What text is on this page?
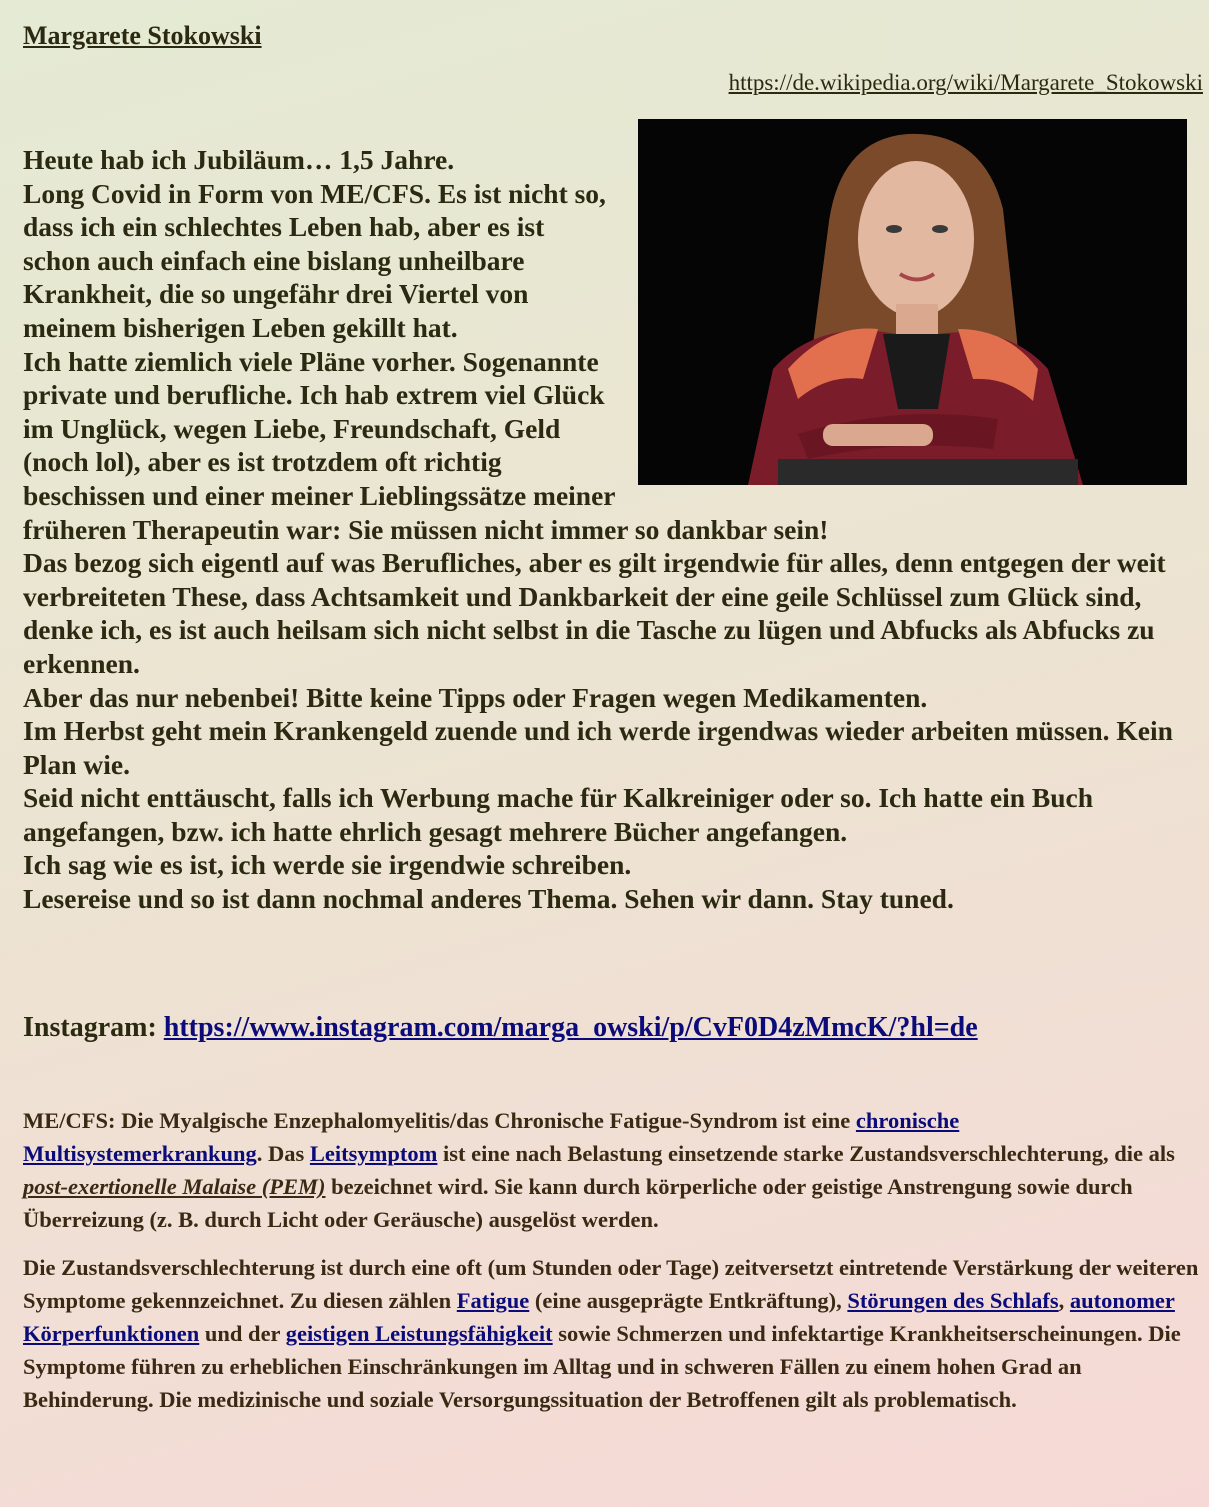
Margarete Stokowski
https://de.wikipedia.org/wiki/Margarete_Stokowski

Heute hab ich Jubiläum… 1,5 Jahre.

Long Covid in Form von ME/CFS. Es ist nicht so, dass ich ein schlechtes Leben hab, aber es ist schon auch einfach eine bislang unheilbare Krankheit, die so ungefähr drei Viertel von meinem bisherigen Leben gekillt hat.

Ich hatte ziemlich viele Pläne vorher. Sogenannte private und berufliche. Ich hab extrem viel Glück im Unglück, wegen Liebe, Freundschaft, Geld (noch lol), aber es ist trotzdem oft richtig beschissen und einer meiner Lieblingssätze meiner früheren Therapeutin war: Sie müssen nicht immer so dankbar sein!

Das bezog sich eigentl auf was Berufliches, aber es gilt irgendwie für alles, denn entgegen der weit verbreiteten These, dass Achtsamkeit und Dankbarkeit der eine geile Schlüssel zum Glück sind, denke ich, es ist auch heilsam sich nicht selbst in die Tasche zu lügen und Abfucks als Abfucks zu erkennen.

Aber das nur nebenbei! Bitte keine Tipps oder Fragen wegen Medikamenten.

Im Herbst geht mein Krankengeld zuende und ich werde irgendwas wieder arbeiten müssen. Kein Plan wie.

Seid nicht enttäuscht, falls ich Werbung mache für Kalkreiniger oder so. Ich hatte ein Buch angefangen, bzw. ich hatte ehrlich gesagt mehrere Bücher angefangen.

Ich sag wie es ist, ich werde sie irgendwie schreiben.

Lesereise und so ist dann nochmal anderes Thema. Sehen wir dann. Stay tuned.

Instagram: https://www.instagram.com/marga_owski/p/CvF0D4zMmcK/?hl=de

ME/CFS: Die Myalgische Enzephalomyelitis/das Chronische Fatigue-Syndrom ist eine chronische Multisystemerkrankung. Das Leitsymptom ist eine nach Belastung einsetzende starke Zustandsverschlechterung, die als post-exertionelle Malaise (PEM) bezeichnet wird. Sie kann durch körperliche oder geistige Anstrengung sowie durch Überreizung (z. B. durch Licht oder Geräusche) ausgelöst werden.

Die Zustandsverschlechterung ist durch eine oft (um Stunden oder Tage) zeitversetzt eintretende Verstärkung der weiteren Symptome gekennzeichnet. Zu diesen zählen Fatigue (eine ausgeprägte Entkräftung), Störungen des Schlafs, autonomer Körperfunktionen und der geistigen Leistungsfähigkeit sowie Schmerzen und infektartige Krankheitserscheinungen. Die Symptome führen zu erheblichen Einschränkungen im Alltag und in schweren Fällen zu einem hohen Grad an Behinderung. Die medizinische und soziale Versorgungssituation der Betroffenen gilt als problematisch.
